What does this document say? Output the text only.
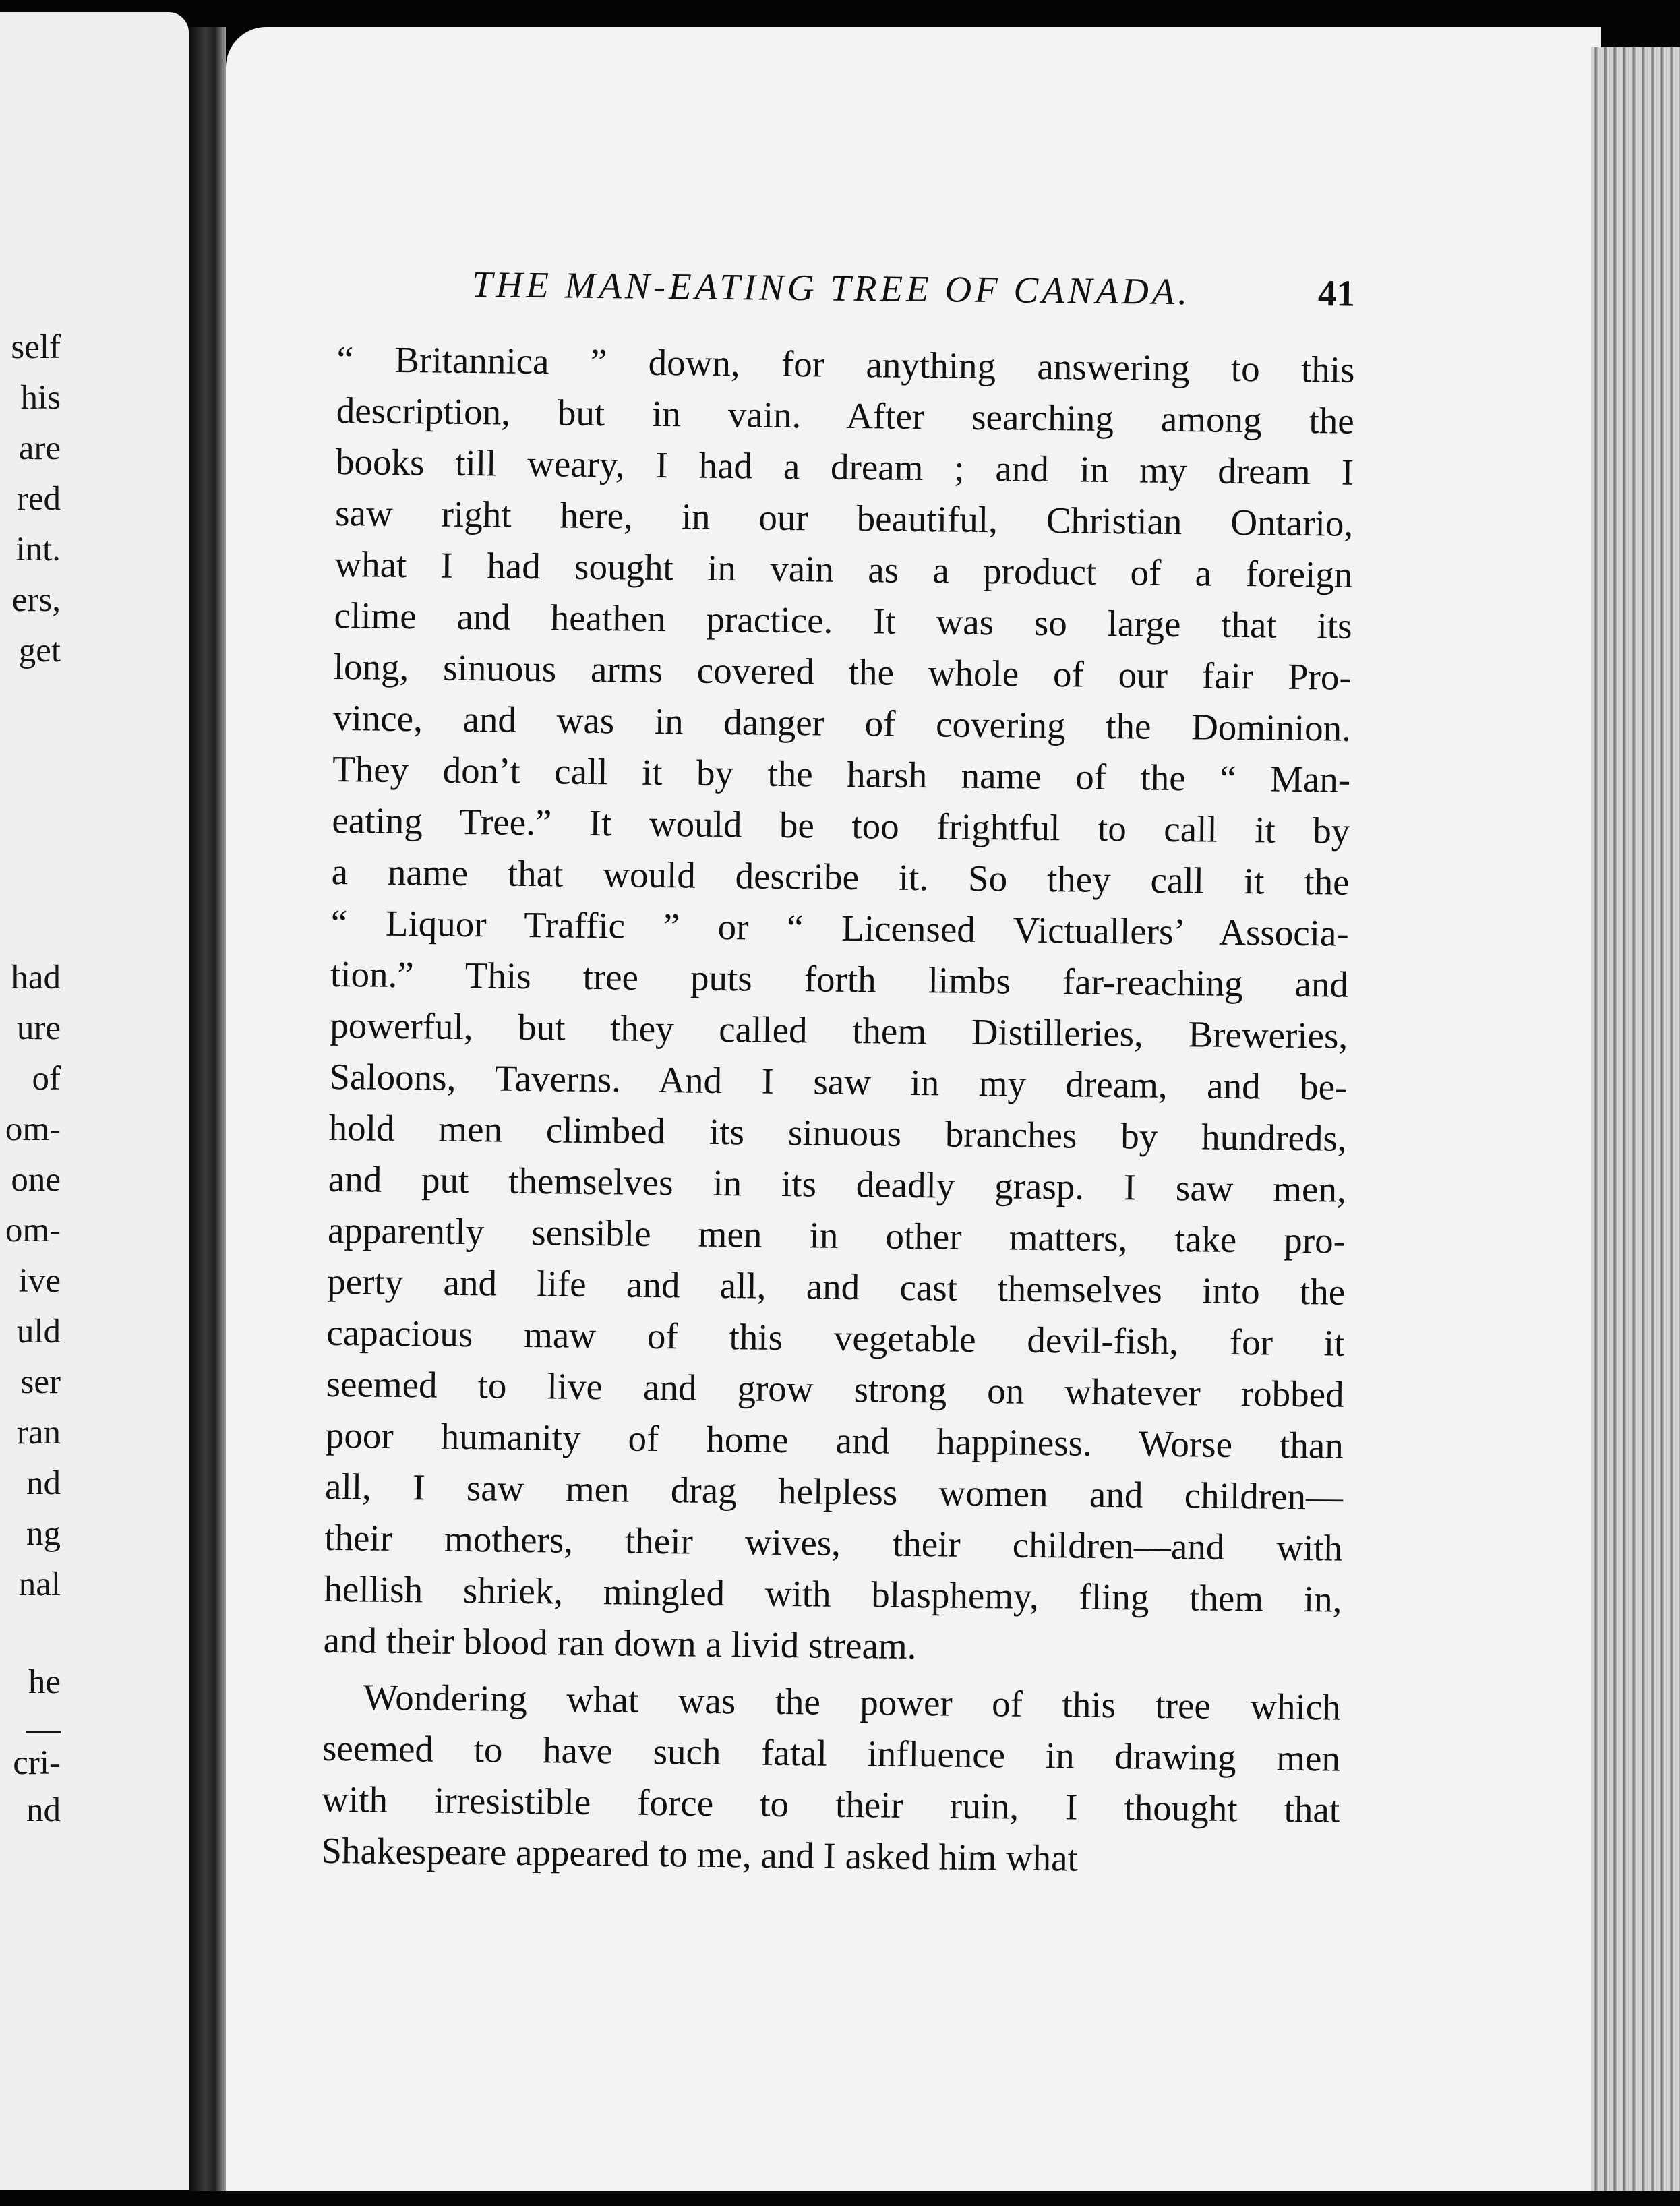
self
his
are
red
int.
ers,
get
had
ure
of
om-
one
om-
ive
uld
ser
ran
nd
ng
nal
he
—
cri-
nd
THE MAN-EATING TREE OF CANADA.	41
“ Britannica ” down, for anything answering to this
description, but in vain. After searching among the
books till weary, I had a dream ; and in my dream I
saw right here, in our beautiful, Christian Ontario,
what I had sought in vain as a product of a foreign
clime and heathen practice. It was so large that its
long, sinuous arms covered the whole of our fair Pro-
vince, and was in danger of covering the Dominion.
They don’t call it by the harsh name of the “ Man-
eating Tree.” It would be too frightful to call it by
a name that would describe it. So they call it the
“ Liquor Traffic ” or “ Licensed Victuallers’ Associa-
tion.” This tree puts forth limbs far-reaching and
powerful, but they called them Distilleries, Breweries,
Saloons, Taverns. And I saw in my dream, and be-
hold men climbed its sinuous branches by hundreds,
and put themselves in its deadly grasp. I saw men,
apparently sensible men in other matters, take pro-
perty and life and all, and cast themselves into the
capacious maw of this vegetable devil-fish, for it
seemed to live and grow strong on whatever robbed
poor humanity of home and happiness. Worse than
all, I saw men drag helpless women and children—
their mothers, their wives, their children—and with
hellish shriek, mingled with blasphemy, fling them in,
and their blood ran down a livid stream.
Wondering what was the power of this tree which
seemed to have such fatal influence in drawing men
with irresistible force to their ruin, I thought that
Shakespeare appeared to me, and I asked him what
